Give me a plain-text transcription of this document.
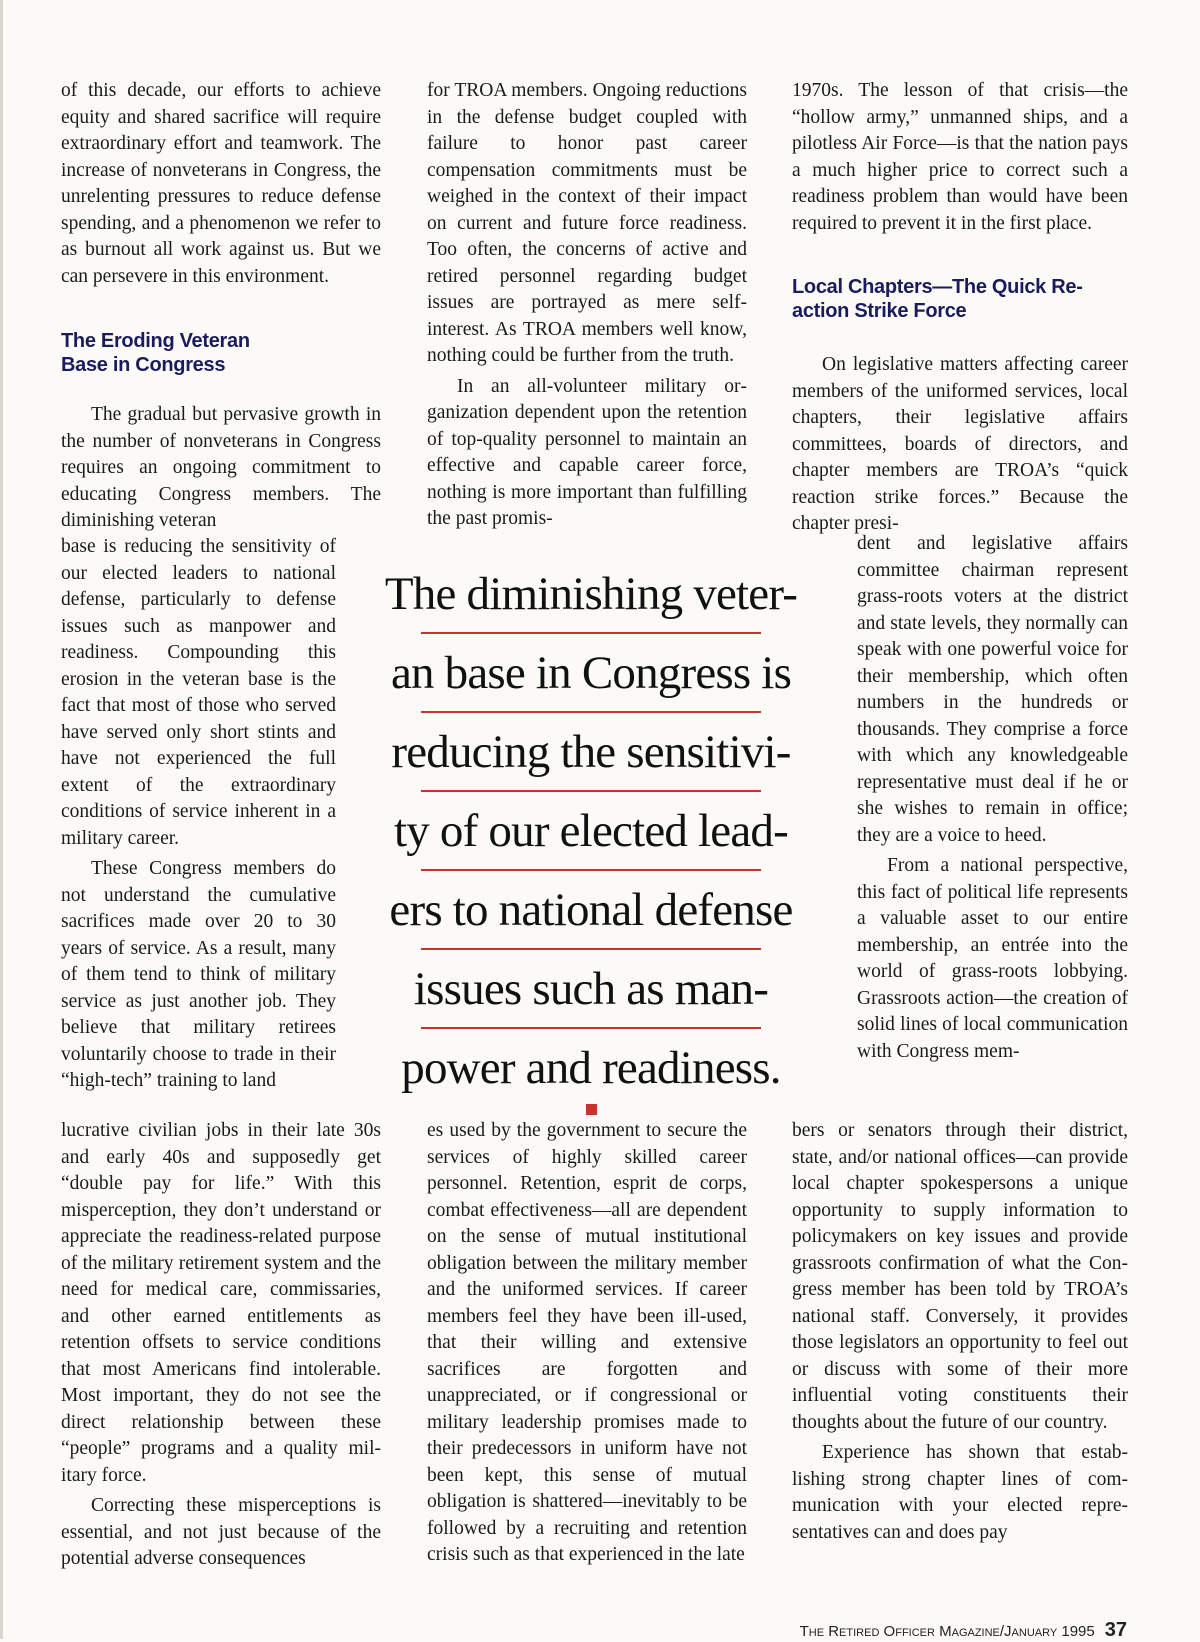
of this decade, our efforts to achieve equity and shared sacrifice will require extraordinary effort and teamwork. The increase of nonveterans in Congress, the unrelenting pressures to reduce defense spending, and a phenomenon we refer to as burnout all work against us. But we can persevere in this environment.

The Eroding Veteran
Base in Congress

The gradual but pervasive growth in the number of nonveterans in Congress requires an ongoing commitment to educating Congress members. The diminishing veteran

base is reducing the sensitivity of our elected leaders to national defense, particularly to defense issues such as manpower and readiness. Compounding this erosion in the veteran base is the fact that most of those who served have served only short stints and have not experienced the full extent of the extraordinary conditions of service inherent in a military career.

These Congress members do not understand the cumulative sacrifices made over 20 to 30 years of service. As a result, many of them tend to think of military service as just another job. They believe that military retirees voluntarily choose to trade in their “high-tech” training to land

lucrative civilian jobs in their late 30s and early 40s and supposedly get “double pay for life.” With this misperception, they don’t understand or appreciate the readiness-related purpose of the military retirement system and the need for medical care, commissaries, and other earned entitlements as retention offsets to service conditions that most Americans find intolerable. Most important, they do not see the direct relationship between these “people” programs and a quality military force.

Correcting these misperceptions is essential, and not just because of the potential adverse consequences

for TROA members. Ongoing reductions in the defense budget coupled with failure to honor past career compensation commitments must be weighed in the context of their impact on current and future force readiness. Too often, the concerns of active and retired personnel regarding budget issues are portrayed as mere self-interest. As TROA members well know, nothing could be further from the truth.

In an all-volunteer military organization dependent upon the retention of top-quality personnel to maintain an effective and capable career force, nothing is more important than fulfilling the past promis-

es used by the government to secure the services of highly skilled career personnel. Retention, esprit de corps, combat effectiveness—all are dependent on the sense of mutual institutional obligation between the military member and the uniformed services. If career members feel they have been ill-used, that their willing and extensive sacrifices are forgotten and unappreciated, or if congressional or military leadership promises made to their predecessors in uniform have not been kept, this sense of mutual obligation is shattered—inevitably to be followed by a recruiting and retention crisis such as that experienced in the late

1970s. The lesson of that crisis—the “hollow army,” unmanned ships, and a pilotless Air Force—is that the nation pays a much higher price to correct such a readiness problem than would have been required to prevent it in the first place.

Local Chapters—The Quick Re-
action Strike Force

On legislative matters affecting career members of the uniformed services, local chapters, their legislative affairs committees, boards of directors, and chapter members are TROA’s “quick reaction strike forces.” Because the chapter presi-

dent and legislative affairs committee chairman represent grass-roots voters at the district and state levels, they normally can speak with one powerful voice for their membership, which often numbers in the hundreds or thousands. They comprise a force with which any knowledgeable representative must deal if he or she wishes to remain in office; they are a voice to heed.

From a national perspective, this fact of political life represents a valuable asset to our entire membership, an entrée into the world of grass-roots lobbying. Grassroots action—the creation of solid lines of local communication with Congress mem-

bers or senators through their district, state, and/or national offices—can provide local chapter spokespersons a unique opportunity to supply information to policymakers on key issues and provide grassroots confirmation of what the Congress member has been told by TROA’s national staff. Conversely, it provides those legislators an opportunity to feel out or discuss with some of their more influential voting constituents their thoughts about the future of our country.

Experience has shown that establishing strong chapter lines of communication with your elected representatives can and does pay

The diminishing veter-
an base in Congress is
reducing the sensitivi-
ty of our elected lead-
ers to national defense
issues such as man-
power and readiness.
The Retired Officer Magazine/January 1995 37
